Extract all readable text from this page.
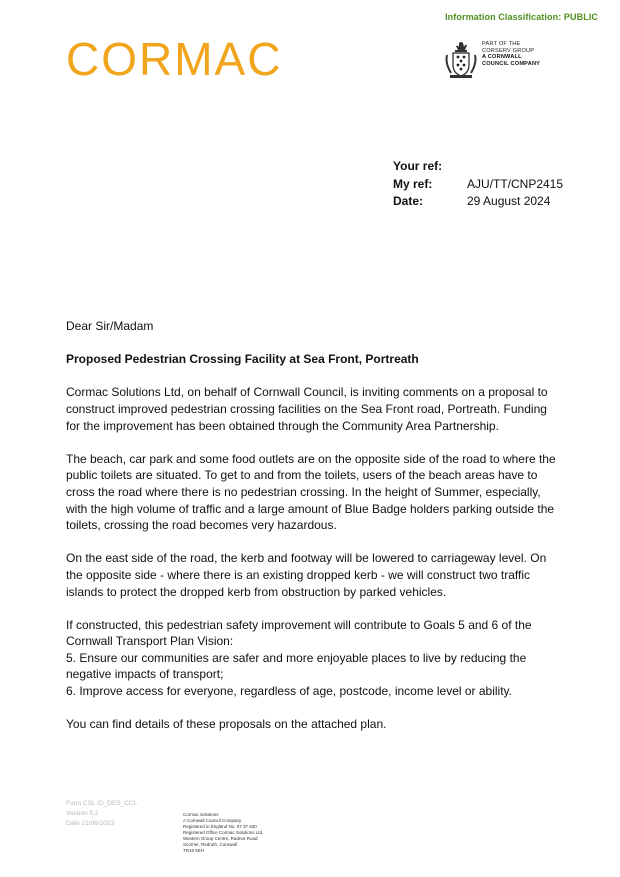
Information Classification: PUBLIC
CORMAC	PART OF THE
CORSERV GROUP
A CORNWALL
COUNCIL COMPANY
Your ref:	
My ref:	AJU/TT/CNP2415
Date:	29 August 2024

Dear Sir/Madam

Proposed Pedestrian Crossing Facility at Sea Front, Portreath

Cormac Solutions Ltd, on behalf of Cornwall Council, is inviting comments on a proposal to construct improved pedestrian crossing facilities on the Sea Front road, Portreath. Funding for the improvement has been obtained through the Community Area Partnership.

The beach, car park and some food outlets are on the opposite side of the road to where the public toilets are situated. To get to and from the toilets, users of the beach areas have to cross the road where there is no pedestrian crossing. In the height of Summer, especially, with the high volume of traffic and a large amount of Blue Badge holders parking outside the toilets, crossing the road becomes very hazardous.

On the east side of the road, the kerb and footway will be lowered to carriageway level. On the opposite side - where there is an existing dropped kerb - we will construct two traffic islands to protect the dropped kerb from obstruction by parked vehicles.

If constructed, this pedestrian safety improvement will contribute to Goals 5 and 6 of the Cornwall Transport Plan Vision:

5. Ensure our communities are safer and more enjoyable places to live by reducing the negative impacts of transport;

6. Improve access for everyone, regardless of age, postcode, income level or ability.

You can find details of these proposals on the attached plan.

Form CSL ID_DES_CCL
Version 5.2
Date 21/06/2023
Cormac Solutions
A Cornwall Council Company
Registered in England No. 07 37 630
Registered Office Cormac Solutions Ltd,
Western Group Centre, Radnor Road
Scorrier, Redruth, Cornwall
TR16 5EH
